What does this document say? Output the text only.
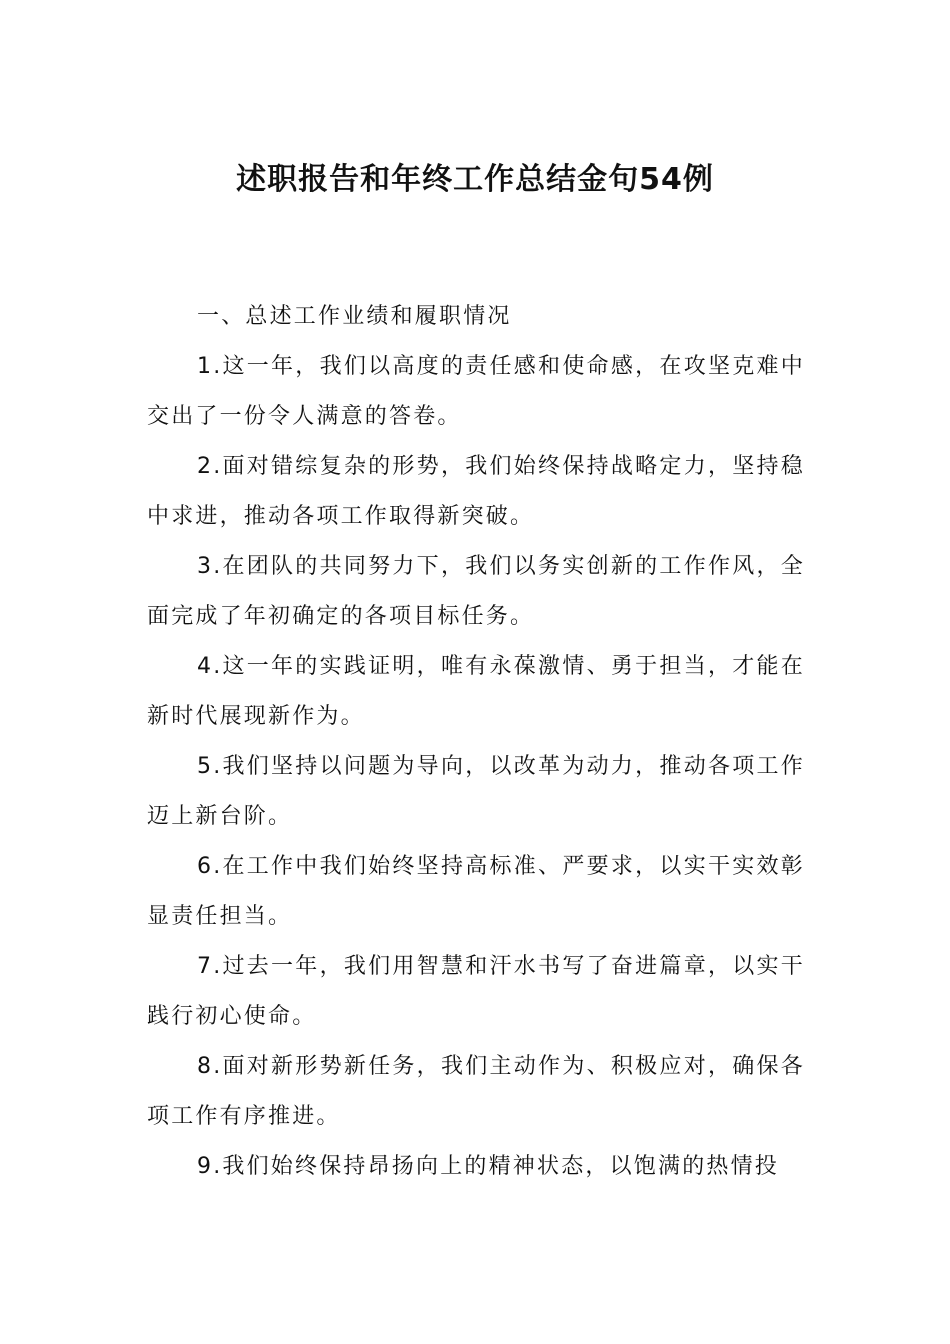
述职报告和年终工作总结金句54例

一、总述工作业绩和履职情况

1.这一年，我们以高度的责任感和使命感，在攻坚克难中交出了一份令人满意的答卷。

2.面对错综复杂的形势，我们始终保持战略定力，坚持稳中求进，推动各项工作取得新突破。

3.在团队的共同努力下，我们以务实创新的工作作风，全面完成了年初确定的各项目标任务。

4.这一年的实践证明，唯有永葆激情、勇于担当，才能在新时代展现新作为。

5.我们坚持以问题为导向，以改革为动力，推动各项工作迈上新台阶。

6.在工作中我们始终坚持高标准、严要求，以实干实效彰显责任担当。

7.过去一年，我们用智慧和汗水书写了奋进篇章，以实干践行初心使命。

8.面对新形势新任务，我们主动作为、积极应对，确保各项工作有序推进。

9.我们始终保持昂扬向上的精神状态，以饱满的热情投
